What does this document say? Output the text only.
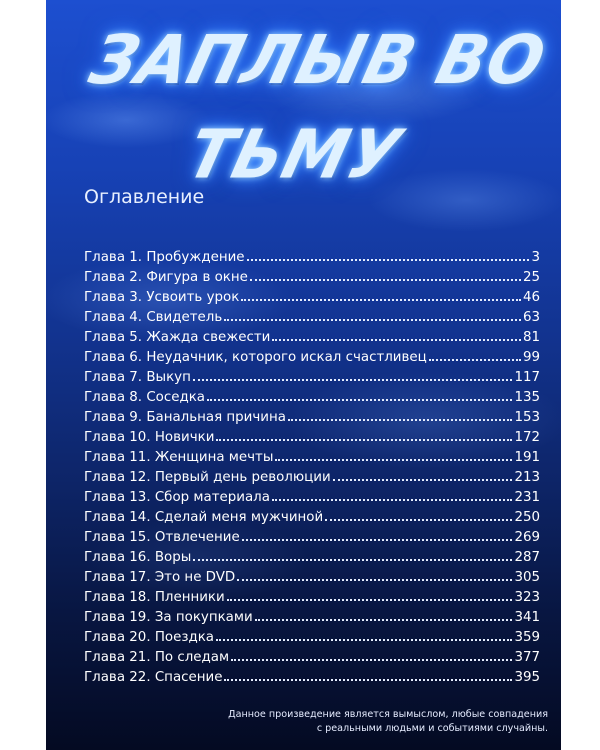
ЗАПЛЫВ ВО ТЬМУ
Оглавление
Глава 1. Пробуждение	3
Глава 2. Фигура в окне	25
Глава 3. Усвоить урок	46
Глава 4. Свидетель	63
Глава 5. Жажда свежести	81
Глава 6. Неудачник, которого искал счастливец	99
Глава 7. Выкуп	117
Глава 8. Соседка	135
Глава 9. Банальная причина	153
Глава 10. Новички	172
Глава 11. Женщина мечты	191
Глава 12. Первый день революции	213
Глава 13. Сбор материала	231
Глава 14. Сделай меня мужчиной	250
Глава 15. Отвлечение	269
Глава 16. Воры	287
Глава 17. Это не DVD	305
Глава 18. Пленники	323
Глава 19. За покупками	341
Глава 20. Поездка	359
Глава 21. По следам	377
Глава 22. Спасение	395
Данное произведение является вымыслом, любые совпадения
с реальными людьми и событиями случайны.
